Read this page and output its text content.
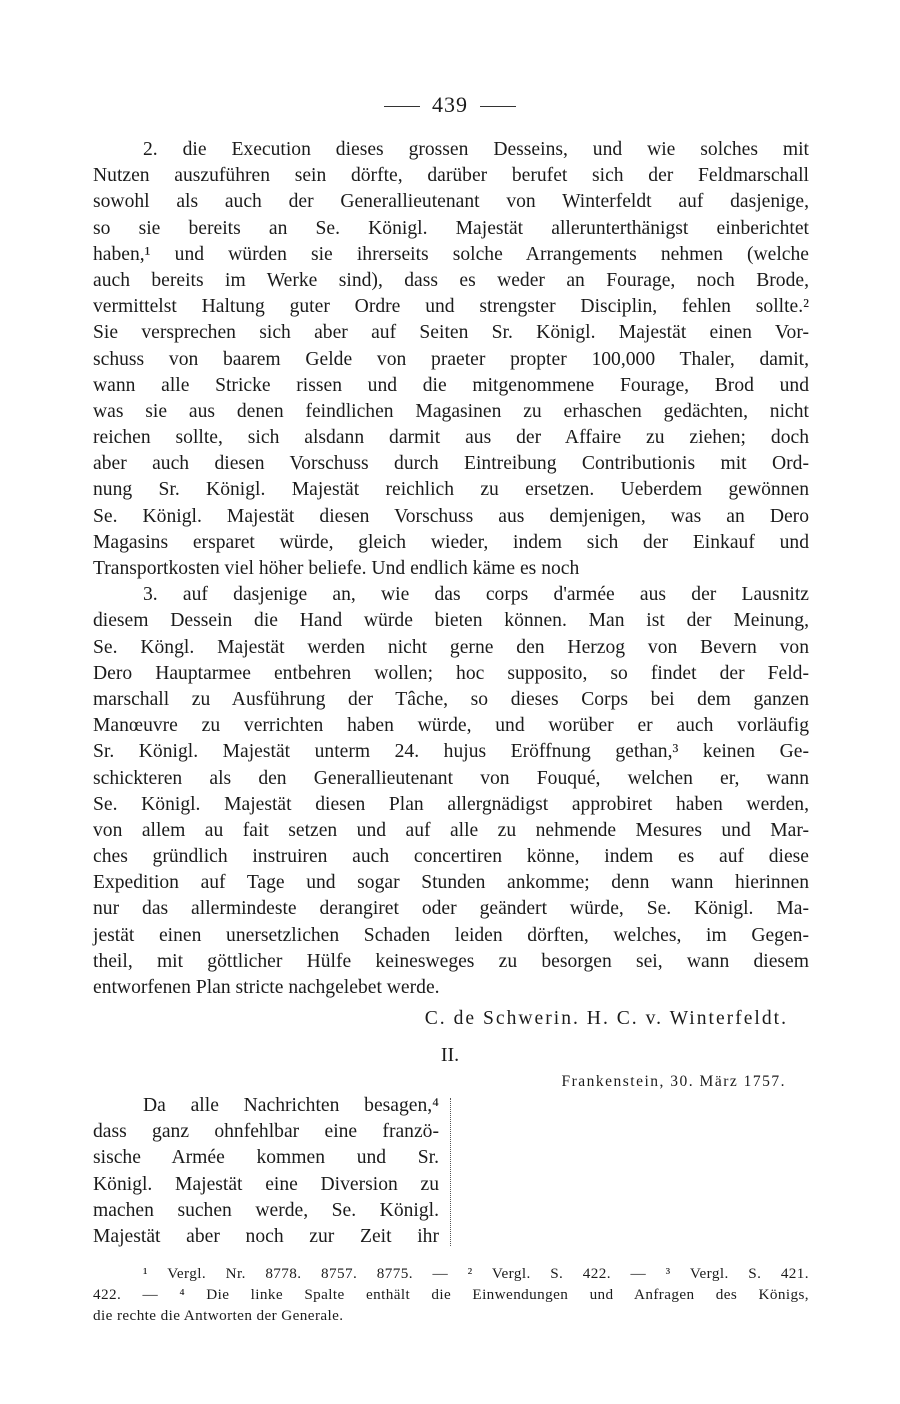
439
2. die Execution dieses grossen Desseins, und wie solches mit
Nutzen auszuführen sein dörfte, darüber berufet sich der Feldmarschall
sowohl als auch der Generallieutenant von Winterfeldt auf dasjenige,
so sie bereits an Se. Königl. Majestät allerunterthänigst einberichtet
haben,¹ und würden sie ihrerseits solche Arrangements nehmen (welche
auch bereits im Werke sind), dass es weder an Fourage, noch Brode,
vermittelst Haltung guter Ordre und strengster Disciplin, fehlen sollte.²
Sie versprechen sich aber auf Seiten Sr. Königl. Majestät einen Vor-
schuss von baarem Gelde von praeter propter 100,000 Thaler, damit,
wann alle Stricke rissen und die mitgenommene Fourage, Brod und
was sie aus denen feindlichen Magasinen zu erhaschen gedächten, nicht
reichen sollte, sich alsdann darmit aus der Affaire zu ziehen; doch
aber auch diesen Vorschuss durch Eintreibung Contributionis mit Ord-
nung Sr. Königl. Majestät reichlich zu ersetzen. Ueberdem gewönnen
Se. Königl. Majestät diesen Vorschuss aus demjenigen, was an Dero
Magasins ersparet würde, gleich wieder, indem sich der Einkauf und
Transportkosten viel höher beliefe. Und endlich käme es noch
3. auf dasjenige an, wie das corps d'armée aus der Lausnitz
diesem Dessein die Hand würde bieten können. Man ist der Meinung,
Se. Köngl. Majestät werden nicht gerne den Herzog von Bevern von
Dero Hauptarmee entbehren wollen; hoc supposito, so findet der Feld-
marschall zu Ausführung der Tâche, so dieses Corps bei dem ganzen
Manœuvre zu verrichten haben würde, und worüber er auch vorläufig
Sr. Königl. Majestät unterm 24. hujus Eröffnung gethan,³ keinen Ge-
schickteren als den Generallieutenant von Fouqué, welchen er, wann
Se. Königl. Majestät diesen Plan allergnädigst approbiret haben werden,
von allem au fait setzen und auf alle zu nehmende Mesures und Mar-
ches gründlich instruiren auch concertiren könne, indem es auf diese
Expedition auf Tage und sogar Stunden ankomme; denn wann hierinnen
nur das allermindeste derangiret oder geändert würde, Se. Königl. Ma-
jestät einen unersetzlichen Schaden leiden dörften, welches, im Gegen-
theil, mit göttlicher Hülfe keinesweges zu besorgen sei, wann diesem
entworfenen Plan stricte nachgelebet werde.
C. de Schwerin. H. C. v. Winterfeldt.
II.
Frankenstein, 30. März 1757.
Da alle Nachrichten besagen,⁴
dass ganz ohnfehlbar eine franzö-
sische Armée kommen und Sr.
Königl. Majestät eine Diversion zu
machen suchen werde, Se. Königl.
Majestät aber noch zur Zeit ihr
¹ Vergl. Nr. 8778. 8757. 8775. — ² Vergl. S. 422. — ³ Vergl. S. 421.
422. — ⁴ Die linke Spalte enthält die Einwendungen und Anfragen des Königs,
die rechte die Antworten der Generale.
